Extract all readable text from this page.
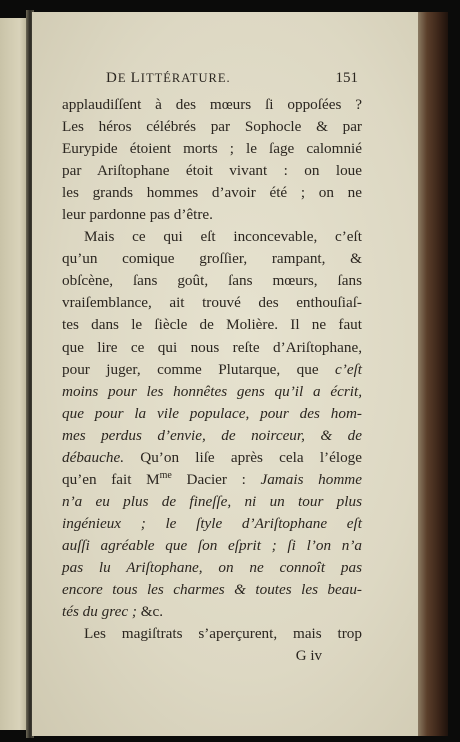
DE LITTÉRATURE.	151
applaudiſſent à des mœurs ſi oppoſées ?
Les héros célébrés par Sophocle & par
Eurypide étoient morts ; le ſage calomnié
par Ariſtophane étoit vivant : on loue
les grands hommes d’avoir été ; on ne
leur pardonne pas d’être.
Mais ce qui eſt inconcevable, c’eſt
qu’un comique groſſier, rampant, &
obſcène, ſans goût, ſans mœurs, ſans
vraiſemblance, ait trouvé des enthouſiaſ-
tes dans le ſiècle de Molière. Il ne faut
que lire ce qui nous reſte d’Ariſtophane,
pour juger, comme Plutarque, que c’eſt
moins pour les honnêtes gens qu’il a écrit,
que pour la vile populace, pour des hom-
mes perdus d’envie, de noirceur, & de
débauche. Qu’on liſe après cela l’éloge
qu’en fait $M^{me}$ Dacier : Jamais homme
n’a eu plus de fineſſe, ni un tour plus
ingénieux ; le ſtyle d’Ariſtophane eſt
auſſi agréable que ſon eſprit ; ſi l’on n’a
pas lu Ariſtophane, on ne connoît pas
encore tous les charmes & toutes les beau-
tés du grec ; &c.
Les magiſtrats s’aperçurent, mais trop
G iv
